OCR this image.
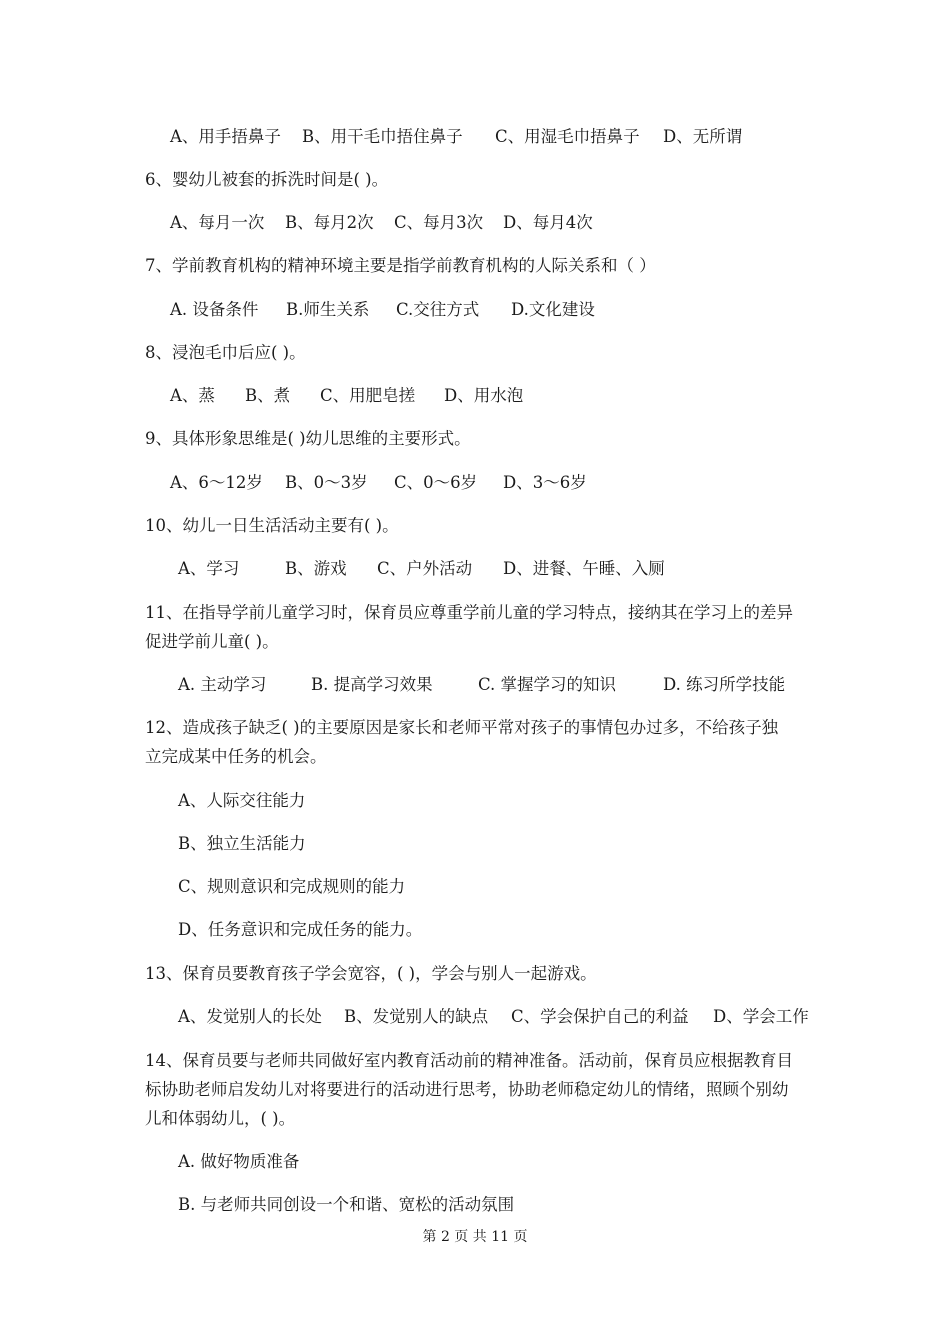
A、用手捂鼻子 B、用干毛巾捂住鼻子 C、用湿毛巾捂鼻子 D、无所谓
6、婴幼儿被套的拆洗时间是( )。
A、每月一次 B、每月2次 C、每月3次 D、每月4次
7、学前教育机构的精神环境主要是指学前教育机构的人际关系和（ ）
A. 设备条件 B.师生关系 C.交往方式 D.文化建设
8、浸泡毛巾后应( )。
A、蒸 B、煮 C、用肥皂搓 D、用水泡
9、具体形象思维是( )幼儿思维的主要形式。
A、6～12岁 B、0～3岁 C、0～6岁 D、3～6岁
10、幼儿一日生活活动主要有( )。
A、学习	B、游戏 C、户外活动 D、进餐、午睡、入厕
11、在指导学前儿童学习时，保育员应尊重学前儿童的学习特点，接纳其在学习上的差异
促进学前儿童( )。
A. 主动学习	B. 提高学习效果	C. 掌握学习的知识	D. 练习所学技能
12、造成孩子缺乏( )的主要原因是家长和老师平常对孩子的事情包办过多，不给孩子独
立完成某中任务的机会。
A、人际交往能力
B、独立生活能力
C、规则意识和完成规则的能力
D、任务意识和完成任务的能力。
13、保育员要教育孩子学会宽容，( )，学会与别人一起游戏。
A、发觉别人的长处 B、发觉别人的缺点 C、学会保护自己的利益 D、学会工作
14、保育员要与老师共同做好室内教育活动前的精神准备。活动前，保育员应根据教育目
标协助老师启发幼儿对将要进行的活动进行思考，协助老师稳定幼儿的情绪，照顾个别幼
儿和体弱幼儿，( )。
A. 做好物质准备
B. 与老师共同创设一个和谐、宽松的活动氛围
第 2 页 共 11 页
